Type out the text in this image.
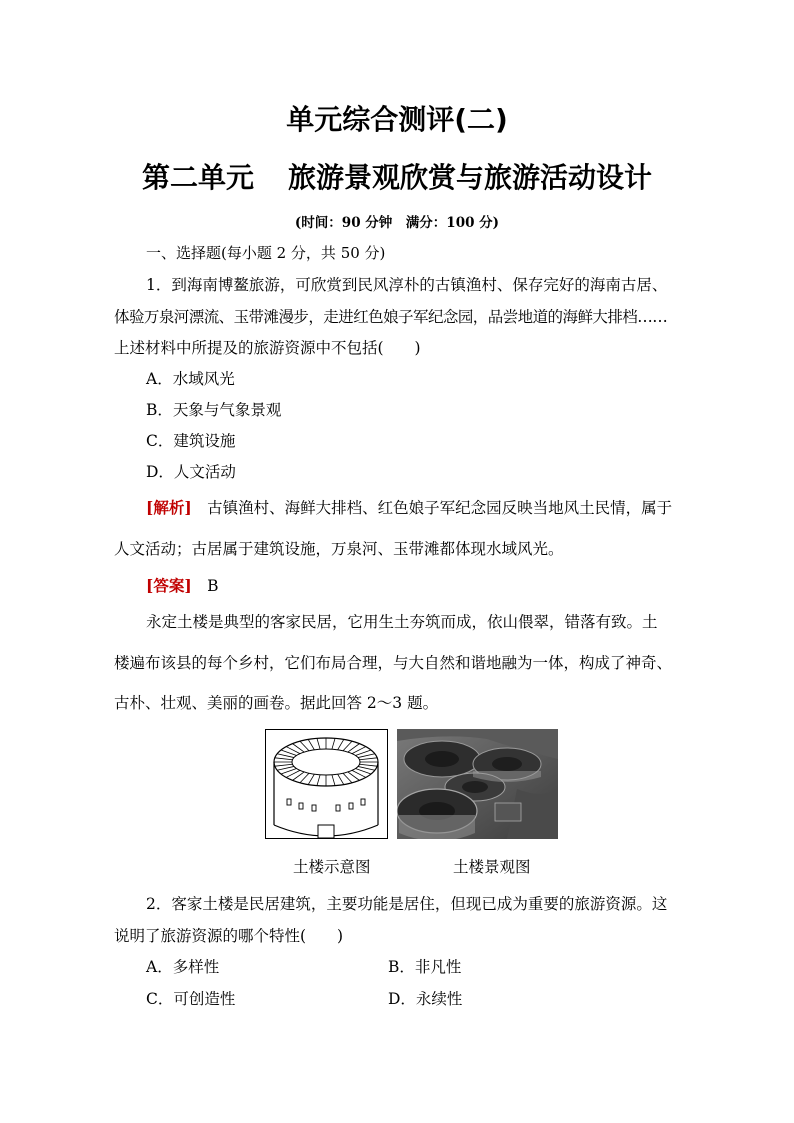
单元综合测评(二)
第二单元 旅游景观欣赏与旅游活动设计
(时间：90 分钟　满分：100 分)
一、选择题(每小题 2 分，共 50 分)
1．到海南博鳌旅游，可欣赏到民风淳朴的古镇渔村、保存完好的海南古居、
体验万泉河漂流、玉带滩漫步，走进红色娘子军纪念园，品尝地道的海鲜大排档……
上述材料中所提及的旅游资源中不包括(　　)
A．水域风光
B．天象与气象景观
C．建筑设施
D．人文活动
[解析]　古镇渔村、海鲜大排档、红色娘子军纪念园反映当地风土民情，属于
人文活动；古居属于建筑设施，万泉河、玉带滩都体现水域风光。
[答案]　B
永定土楼是典型的客家民居，它用生土夯筑而成，依山偎翠，错落有致。土
楼遍布该县的每个乡村，它们布局合理，与大自然和谐地融为一体，构成了神奇、
古朴、壮观、美丽的画卷。据此回答 2～3 题。
土楼示意图	土楼景观图
2．客家土楼是民居建筑，主要功能是居住，但现已成为重要的旅游资源。这
说明了旅游资源的哪个特性(　　)
A．多样性	B．非凡性
C．可创造性	D．永续性
